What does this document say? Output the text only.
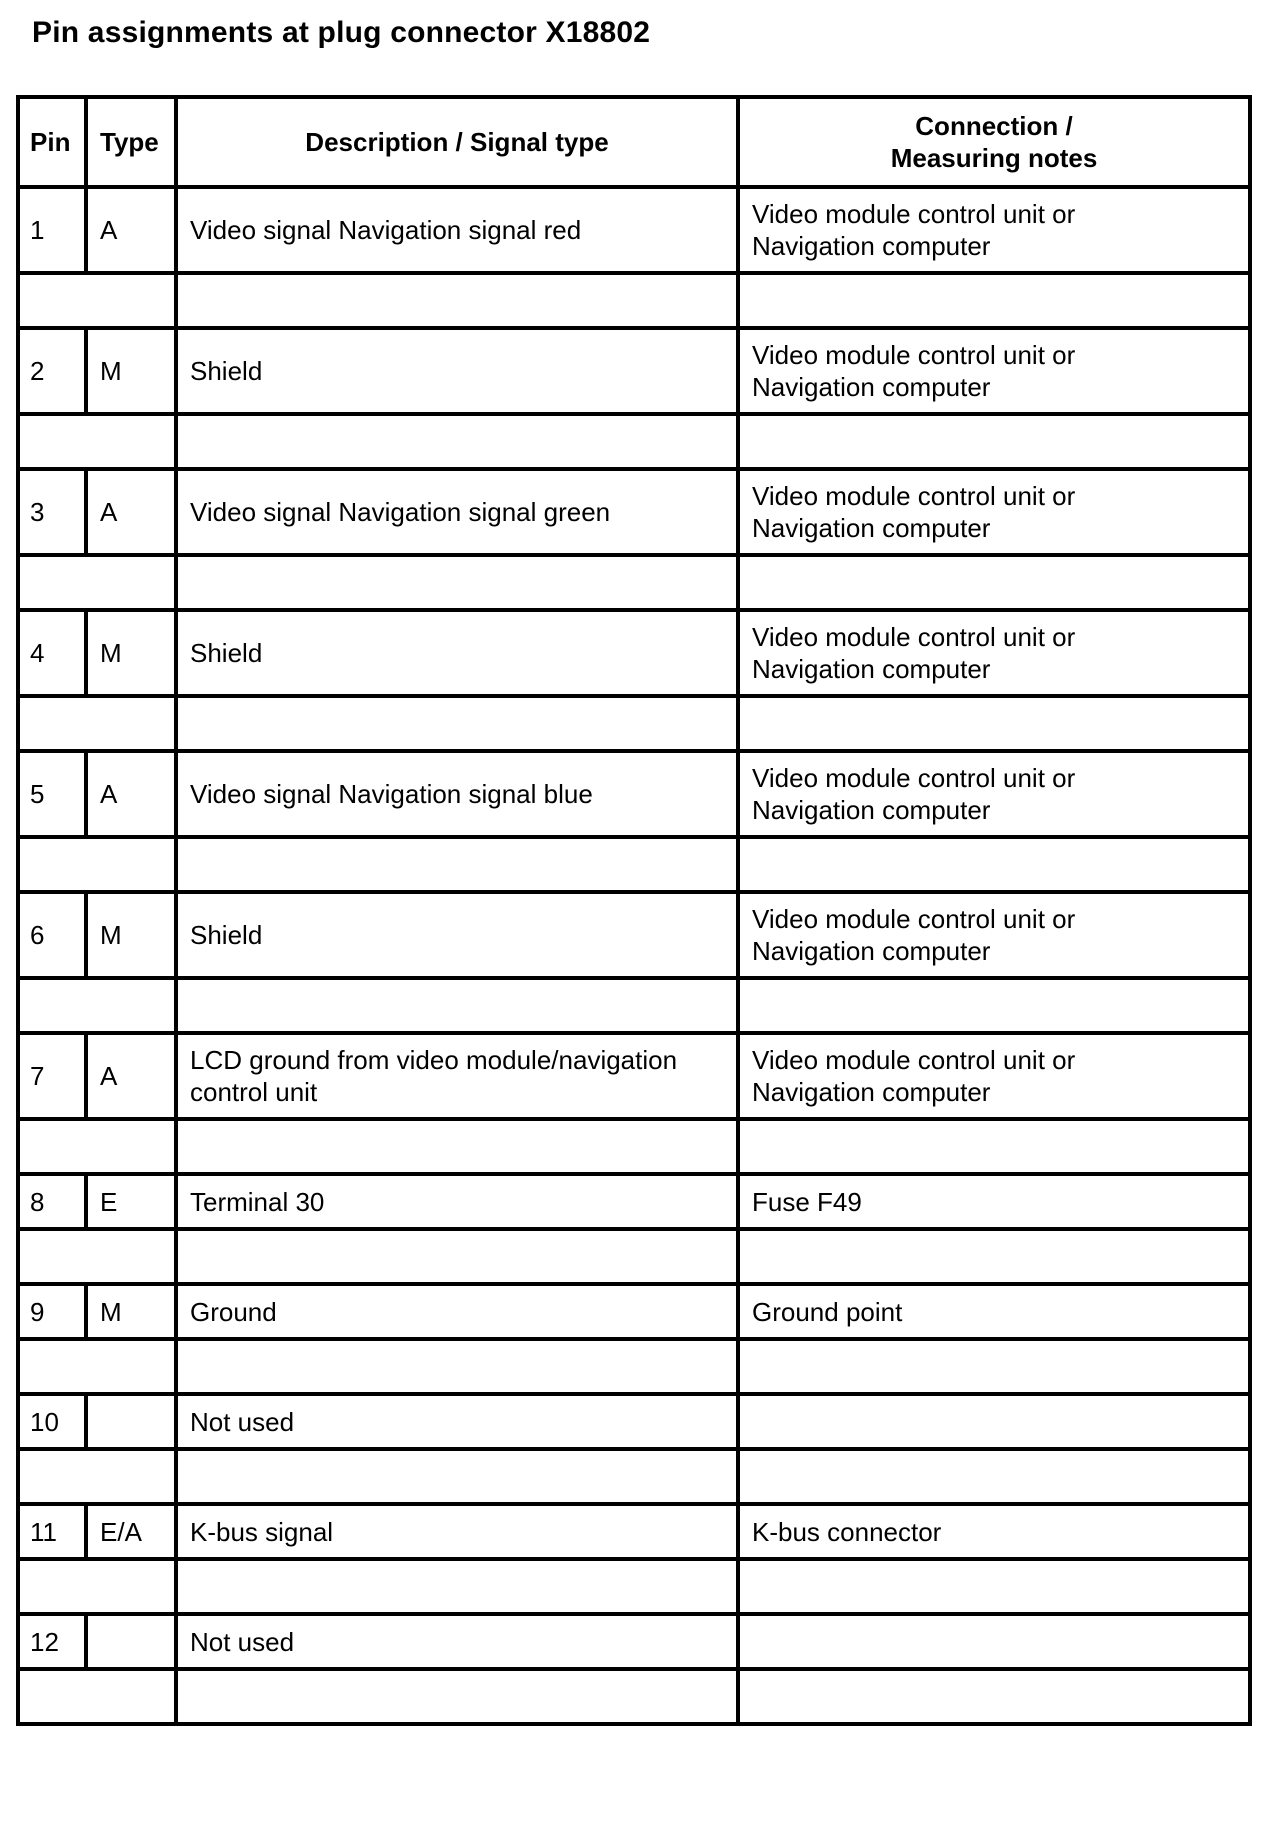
Pin assignments at plug connector X18802
Pin	Type	Description / Signal type	Connection /
Measuring notes

1	A	Video signal Navigation signal red	Video module control unit or
Navigation computer

2	M	Shield	Video module control unit or
Navigation computer

3	A	Video signal Navigation signal green	Video module control unit or
Navigation computer

4	M	Shield	Video module control unit or
Navigation computer

5	A	Video signal Navigation signal blue	Video module control unit or
Navigation computer

6	M	Shield	Video module control unit or
Navigation computer

7	A	LCD ground from video module/navigation
control unit	Video module control unit or
Navigation computer

8	E	Terminal 30	Fuse F49

9	M	Ground	Ground point

10		Not used	

11	E/A	K-bus signal	K-bus connector

12		Not used	
